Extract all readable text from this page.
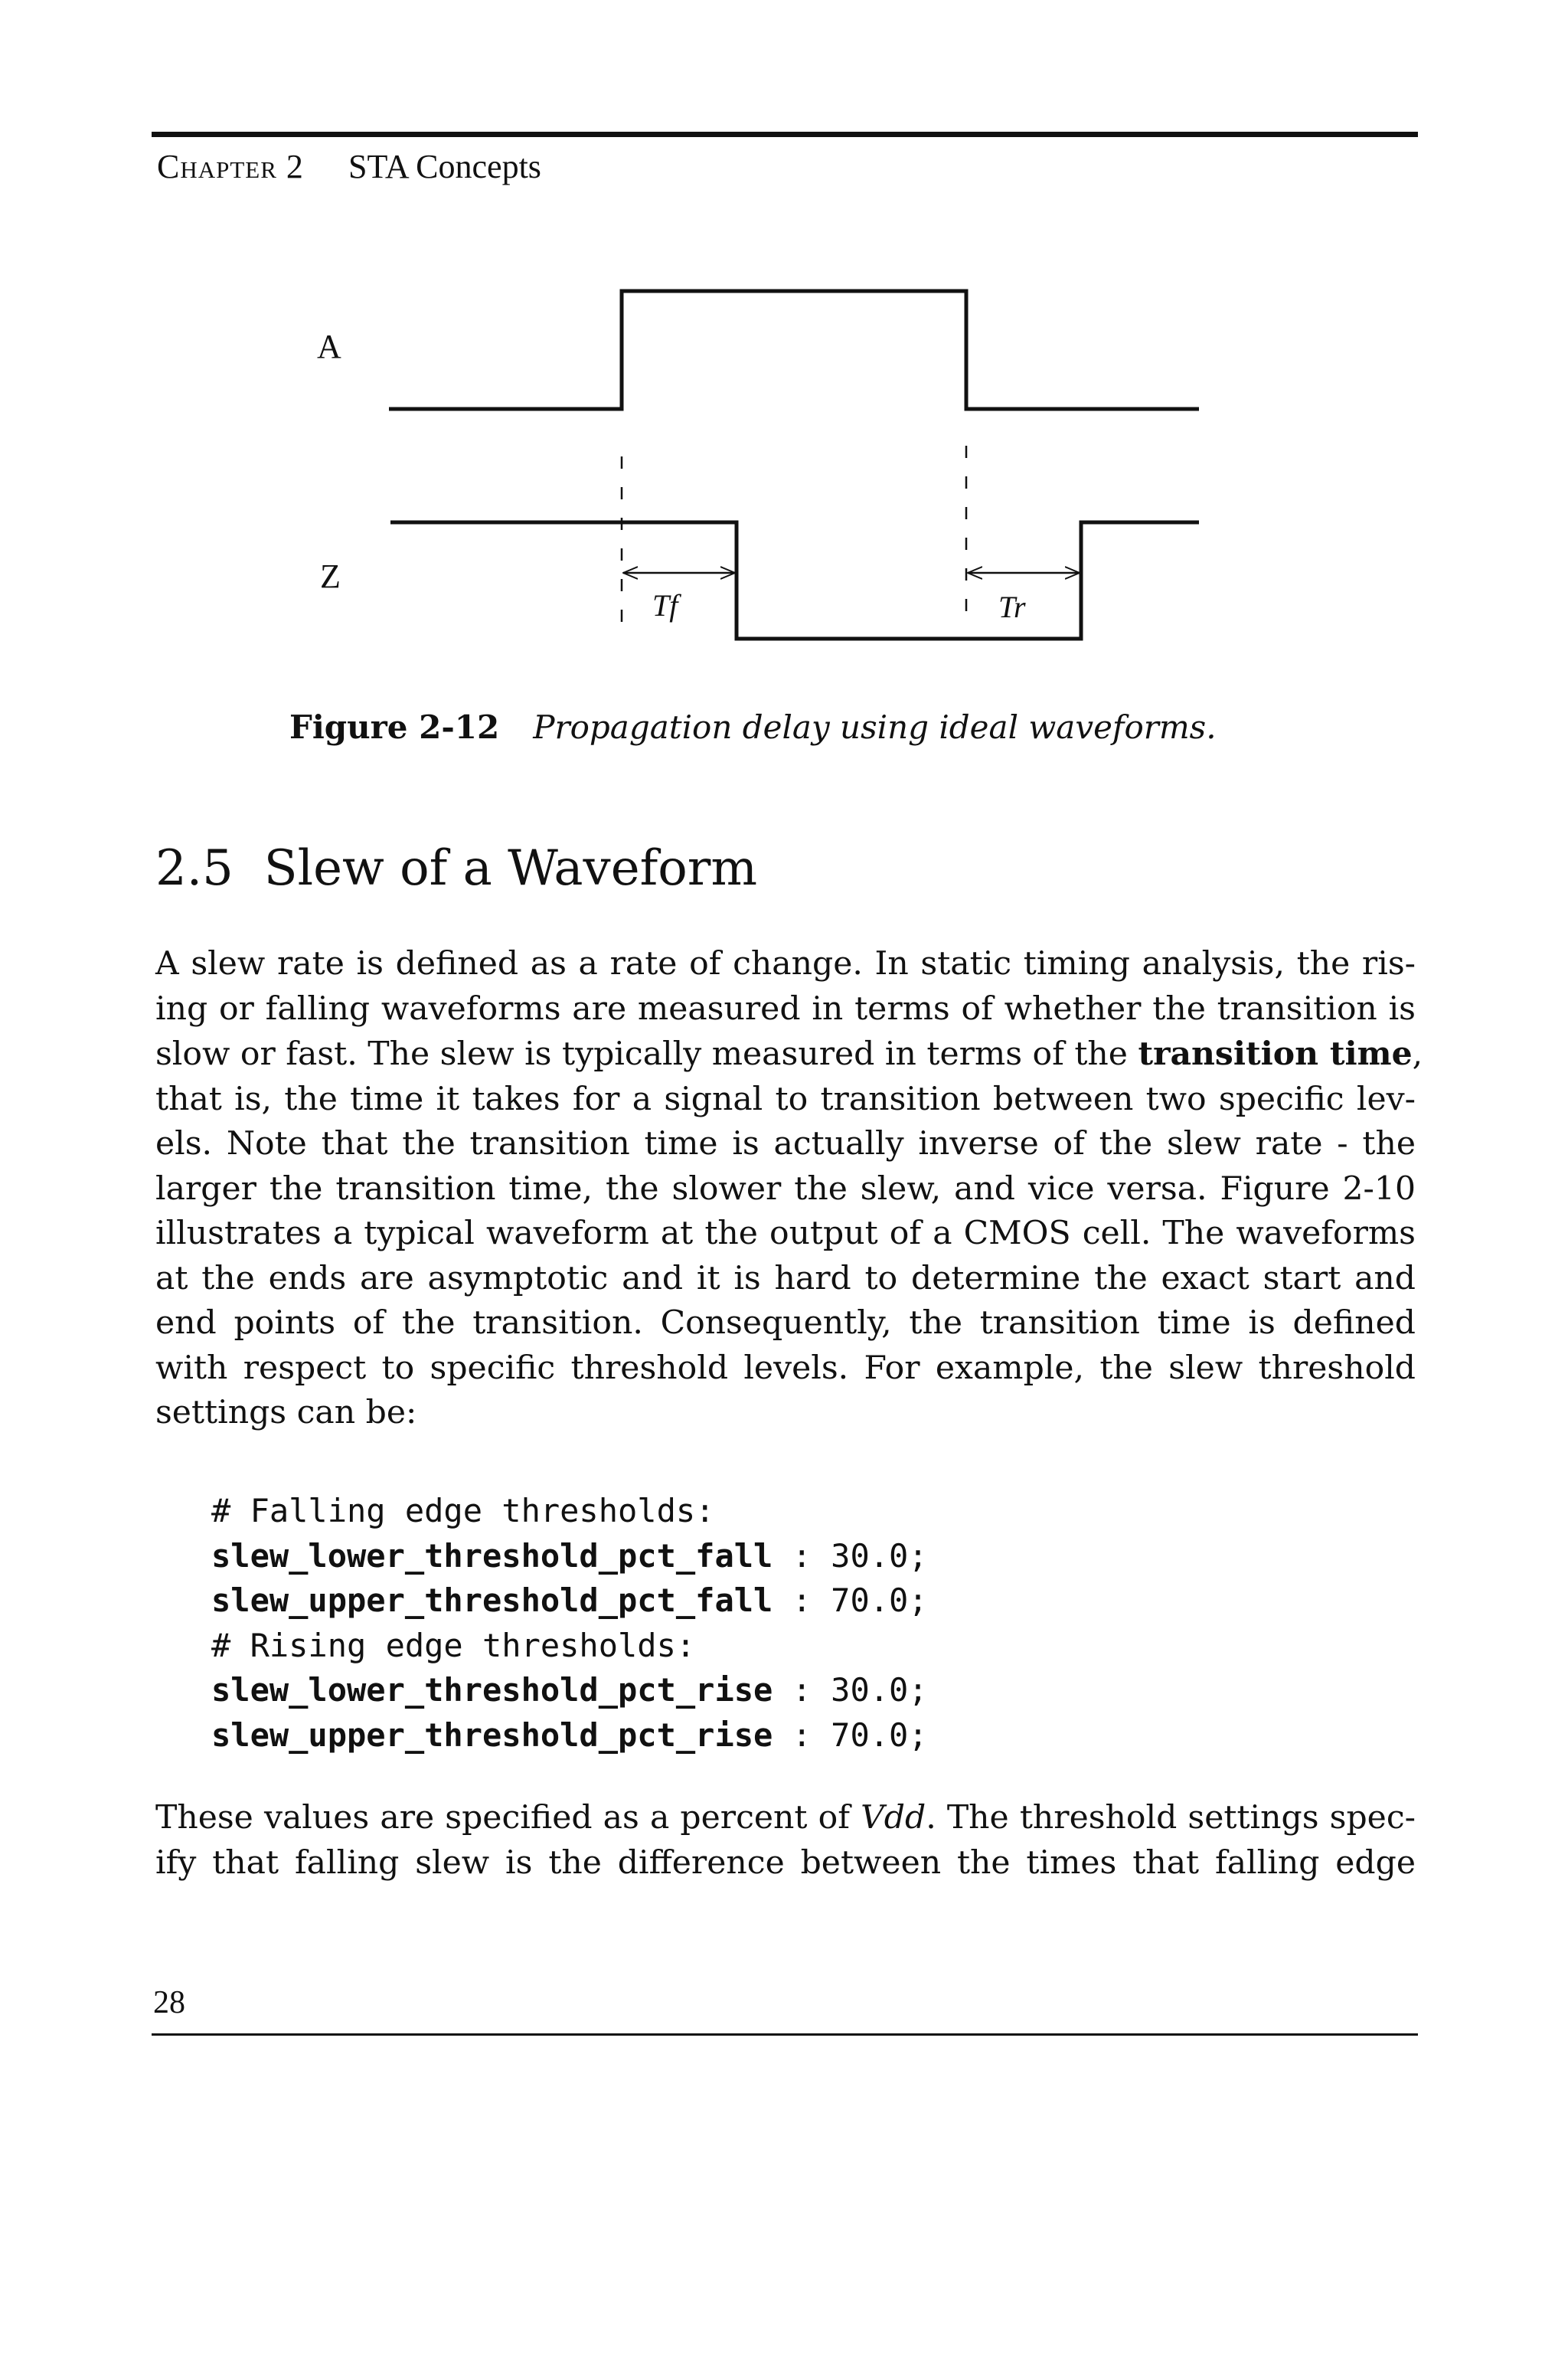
Chapter 2 STA Concepts
A
Z
Tf	Tr
Figure 2-12 Propagation delay using ideal waveforms.
2.5 Slew of a Waveform
A slew rate is defined as a rate of change. In static timing analysis, the ris-
ing or falling waveforms are measured in terms of whether the transition is
slow or fast. The slew is typically measured in terms of the transition time,
that is, the time it takes for a signal to transition between two specific lev-
els. Note that the transition time is actually inverse of the slew rate - the
larger the transition time, the slower the slew, and vice versa. Figure 2-10
illustrates a typical waveform at the output of a CMOS cell. The waveforms
at the ends are asymptotic and it is hard to determine the exact start and
end points of the transition. Consequently, the transition time is defined
with respect to specific threshold levels. For example, the slew threshold
settings can be:
# Falling edge thresholds:
slew_lower_threshold_pct_fall : 30.0;
slew_upper_threshold_pct_fall : 70.0;
# Rising edge thresholds:
slew_lower_threshold_pct_rise : 30.0;
slew_upper_threshold_pct_rise : 70.0;
These values are specified as a percent of Vdd. The threshold settings spec-
ify that falling slew is the difference between the times that falling edge
28
